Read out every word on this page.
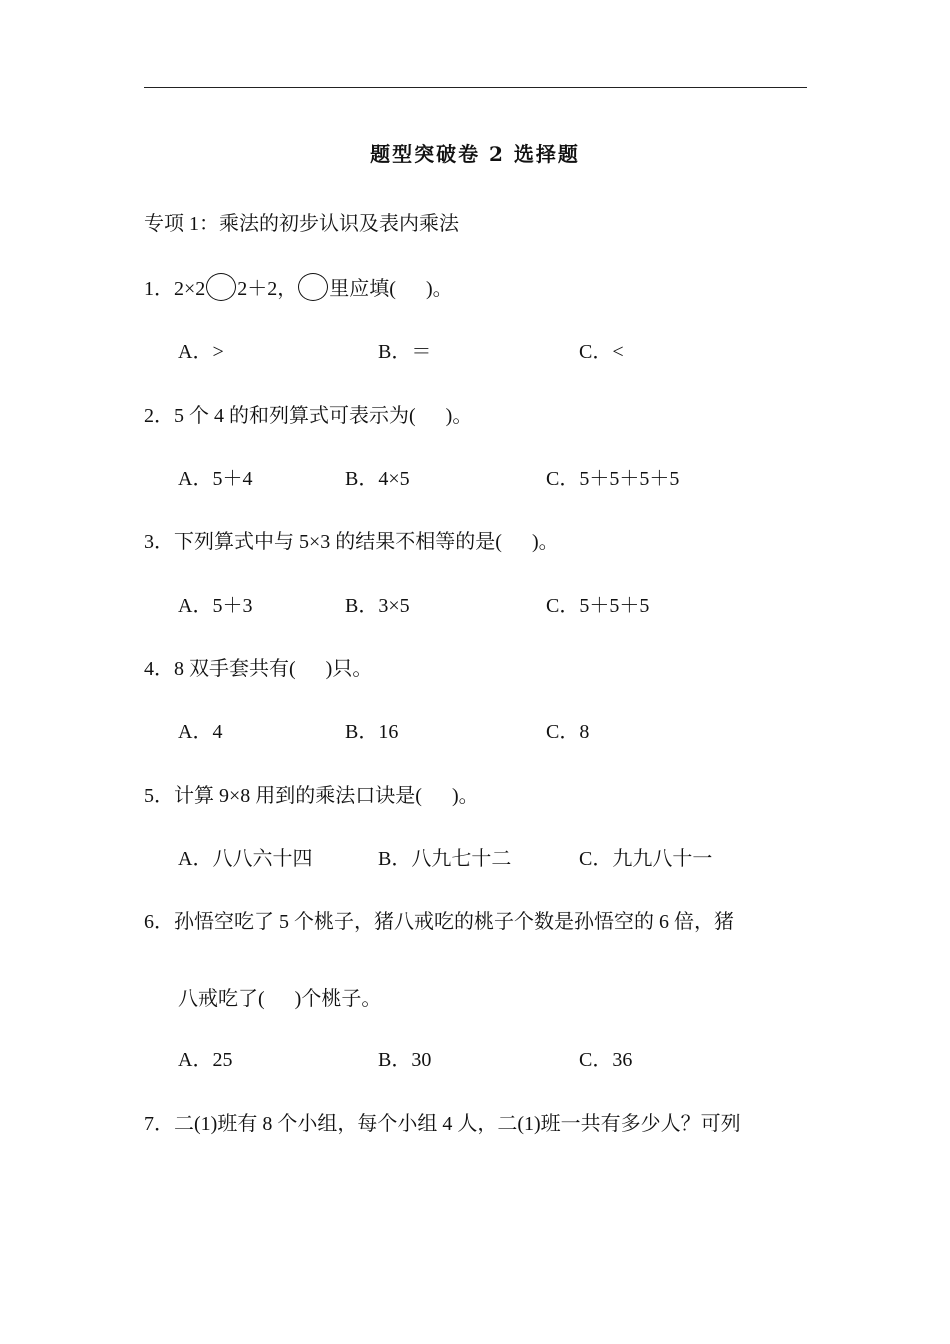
题型突破卷 2 选择题
专项 1：乘法的初步认识及表内乘法
1．2×2 2＋2， 里应填( )。
A．>	B．＝	C．<
2．5 个 4 的和列算式可表示为( )。
A．5＋4	B．4×5	C．5＋5＋5＋5
3．下列算式中与 5×3 的结果不相等的是( )。
A．5＋3	B．3×5	C．5＋5＋5
4．8 双手套共有( )只。
A．4	B．16	C．8
5．计算 9×8 用到的乘法口诀是( )。
A．八八六十四	B．八九七十二	C．九九八十一
6．孙悟空吃了 5 个桃子，猪八戒吃的桃子个数是孙悟空的 6 倍，猪
八戒吃了( )个桃子。
A．25	B．30	C．36
7．二(1)班有 8 个小组，每个小组 4 人，二(1)班一共有多少人？可列
